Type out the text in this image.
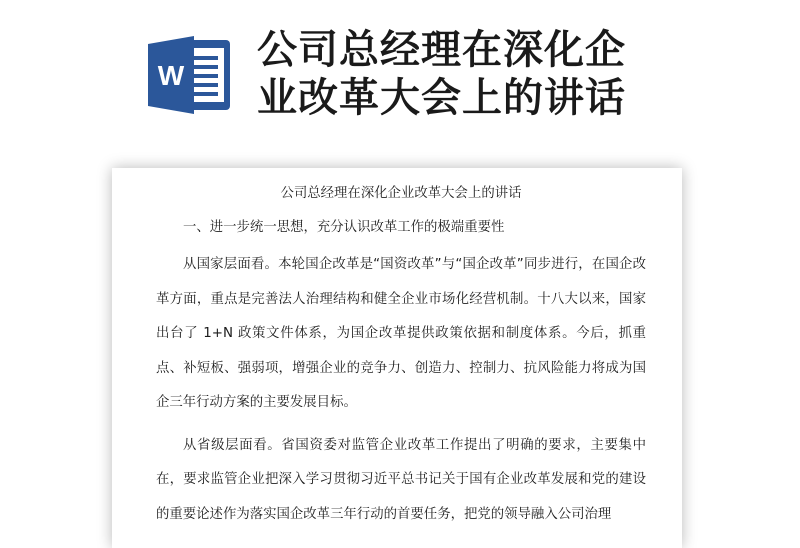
W
公司总经理在深化企
业改革大会上的讲话
公司总经理在深化企业改革大会上的讲话
一、进一步统一思想，充分认识改革工作的极端重要性
从国家层面看。本轮国企改革是“国资改革”与“国企改革”同步进行，在国企改革方面，重点是完善法人治理结构和健全企业市场化经营机制。十八大以来，国家出台了 1+N 政策文件体系，为国企改革提供政策依据和制度体系。今后，抓重点、补短板、强弱项，增强企业的竞争力、创造力、控制力、抗风险能力将成为国企三年行动方案的主要发展目标。
从省级层面看。省国资委对监管企业改革工作提出了明确的要求，主要集中在，要求监管企业把深入学习贯彻习近平总书记关于国有企业改革发展和党的建设的重要论述作为落实国企改革三年行动的首要任务，把党的领导融入公司治理
